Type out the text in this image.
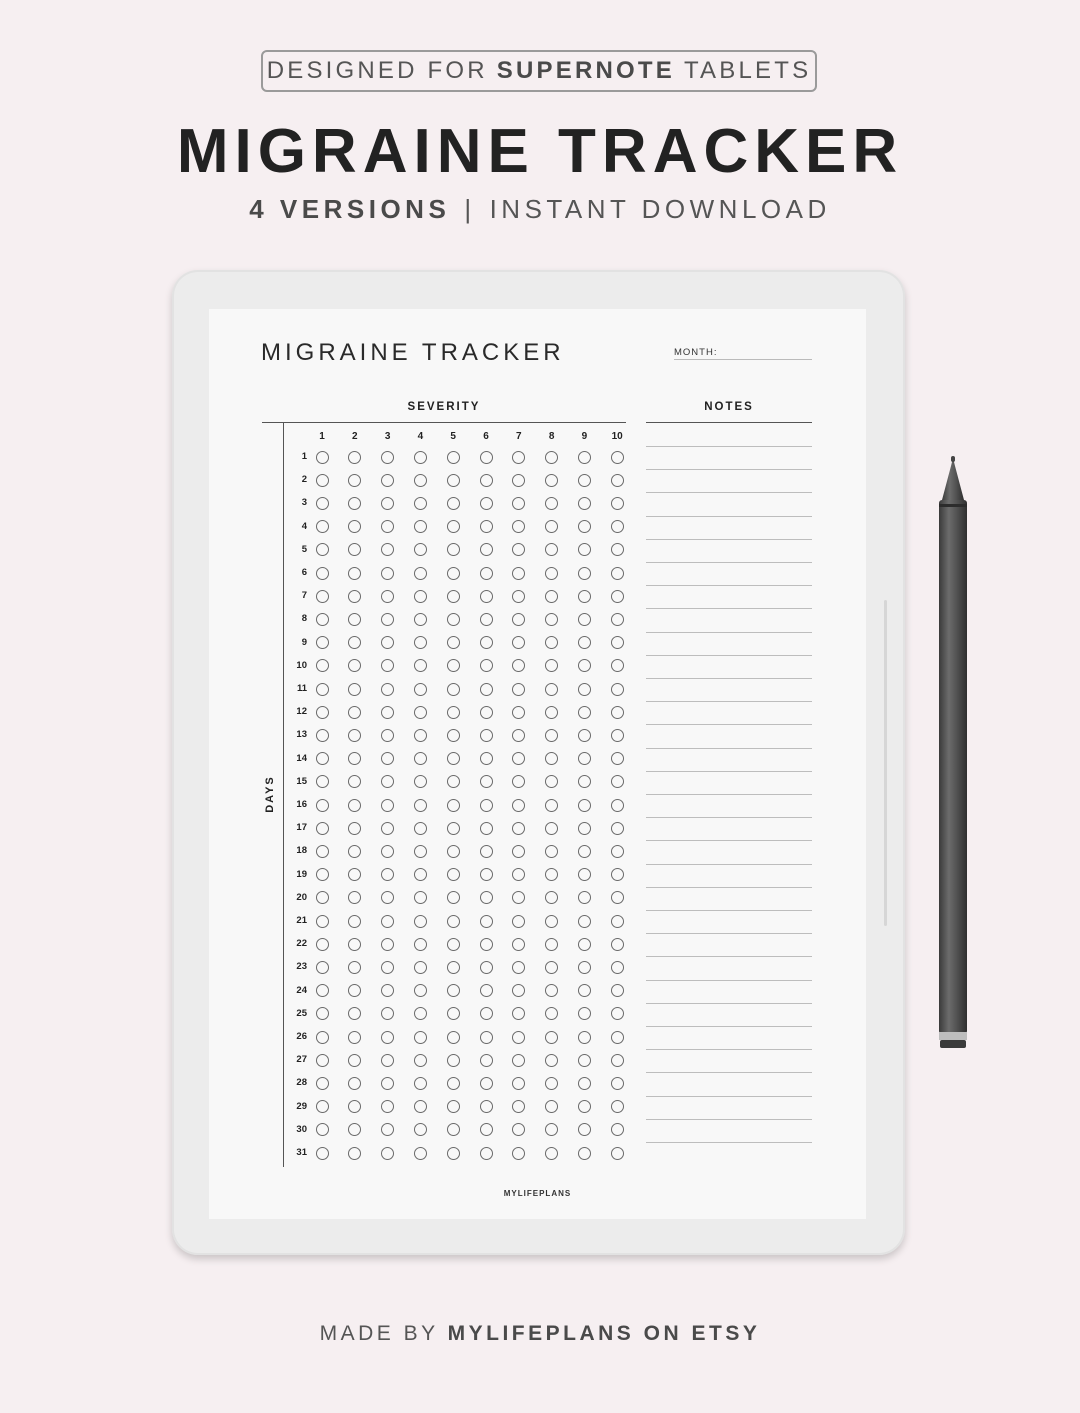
DESIGNED FOR SUPERNOTE TABLETS
MIGRAINE TRACKER
4 VERSIONS | INSTANT DOWNLOAD
MIGRAINE TRACKER	MONTH:
SEVERITY	NOTES
DAYS
1	2	3	4	5	6	7	8	9	10
1
2
3
4
5
6
7
8
9
10
11
12
13
14
15
16
17
18
19
20
21
22
23
24
25
26
27
28
29
30
31
MYLIFEPLANS
MADE BY MYLIFEPLANS ON ETSY
